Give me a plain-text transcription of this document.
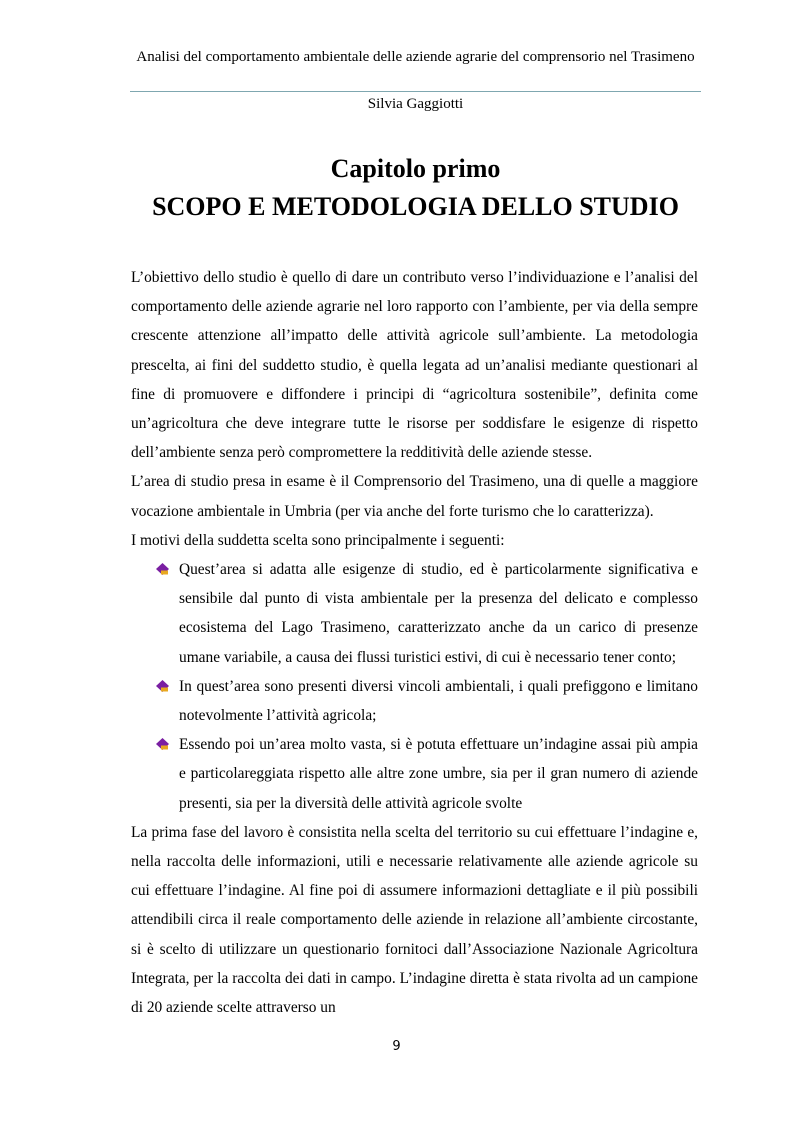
Analisi del comportamento ambientale delle aziende agrarie del comprensorio nel Trasimeno
Silvia Gaggiotti
Capitolo primo
SCOPO E METODOLOGIA DELLO STUDIO

L’obiettivo dello studio è quello di dare un contributo verso l’individuazione e l’analisi del comportamento delle aziende agrarie nel loro rapporto con l’ambiente, per via della sempre crescente attenzione all’impatto delle attività agricole sull’ambiente. La metodologia prescelta, ai fini del suddetto studio, è quella legata ad un’analisi mediante questionari al fine di promuovere e diffondere i principi di “agricoltura sostenibile”, definita come un’agricoltura che deve integrare tutte le risorse per soddisfare le esigenze di rispetto dell’ambiente senza però compromettere la redditività delle aziende stesse.

L’area di studio presa in esame è il Comprensorio del Trasimeno, una di quelle a maggiore vocazione ambientale in Umbria (per via anche del forte turismo che lo caratterizza).

I motivi della suddetta scelta sono principalmente i seguenti:

Quest’area si adatta alle esigenze di studio, ed è particolarmente significativa e sensibile dal punto di vista ambientale per la presenza del delicato e complesso ecosistema del Lago Trasimeno, caratterizzato anche da un carico di presenze umane variabile, a causa dei flussi turistici estivi, di cui è necessario tener conto;
In quest’area sono presenti diversi vincoli ambientali, i quali prefiggono e limitano notevolmente l’attività agricola;
Essendo poi un’area molto vasta, si è potuta effettuare un’indagine assai più ampia e particolareggiata rispetto alle altre zone umbre, sia per il gran numero di aziende presenti, sia per la diversità delle attività agricole svolte

La prima fase del lavoro è consistita nella scelta del territorio su cui effettuare l’indagine e, nella raccolta delle informazioni, utili e necessarie relativamente alle aziende agricole su cui effettuare l’indagine. Al fine poi di assumere informazioni dettagliate e il più possibili attendibili circa il reale comportamento delle aziende in relazione all’ambiente circostante, si è scelto di utilizzare un questionario fornitoci dall’Associazione Nazionale Agricoltura Integrata, per la raccolta dei dati in campo. L’indagine diretta è stata rivolta ad un campione di 20 aziende scelte attraverso un

9
